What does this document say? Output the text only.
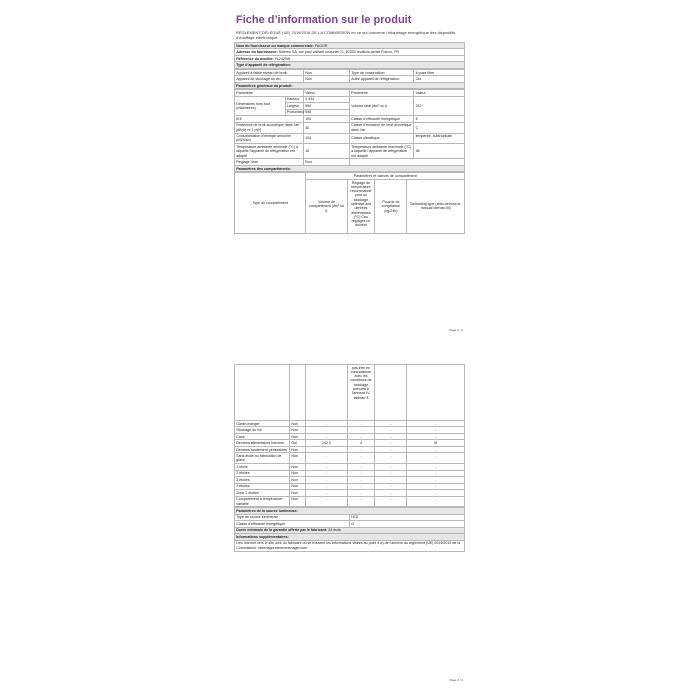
Fiche d’information sur le produit
RÈGLEMENT DÉLÉGUÉ (UE) 2019/2016 DE LA COMMISSION en ce qui concerne l’étiquetage énergétique des dispositifs d’éduffage électronique
Nom du fournisseur ou marque commerciale: FAGOR
Adresse du fournisseur: Sidemo SA, rue paul vaillant couturier 71, 92300 levallois perret France, FR
Référence du modèle: FL2420W
Type d’appareil de réfrigération:
Appareil à faible niveau de bruit:	Non	Type de construction:	à pose libre
Appareil de stockage du vin:	Non	Autre appareil de réfrigération:	Oui
Paramètres généraux du produit:			
Paramètre		Valeur	Paramètre	Valeur
Dimensions hors tout (millimètres)	Hauteur	1 434	Volume total (dm³ ou l)	242
	Largeur	550		
	Profondeur	598		
IEE		100	Classe d’efficacité énergétique	E
Émissions de bruit acoustique dans l’air [dB(A) re 1 pW]		40	Classe d’émission de bruit acoustique dans l’air	C
Consommation d’énergie annuelle (kWh/an)		104	Classe climatique:	tempérée, subtropicale
Température ambiante minimale (°C) à laquelle l’appareil de réfrigération est adapté		16	Température ambiante maximale (°C) à laquelle l’appareil de réfrigération est adapté	38
Réglage hiver		Non		
Paramètres des compartiments:				
Type de compartiment	Paramètres et valeurs de compartiment			
	Volume de compartiment (dm³ ou l)	Réglage de température recommandé pour un stockage optimisé des denrées alimentaires (ºC) Ces réglages ne doivent	Pouvoir de congélation (kg/24h)	Defrosting type (auto-defrost=A, manual defrost=M)
Page 1 / 2
			pas être en contradiction avec les conditions de stockage prévues à l’annexe IV, tableau 3		
Garde-manger	Non	-	-	-	-
Stockage du vin	Non	-	-	-	-
Cave	Non	-	-	-	-
Denrées alimentaires fraîches	Oui	242,0	4	-	M
Denrées hautement périssables	Non	-	-	-	-
Sans étoile ou fabrication de glace	Non	-	-	-	-
1 étoile	Non	-	-	-	-
2 étoiles	Non	-	-	-	-
3 étoiles	Non	-	-	-	-
4 étoiles	Non	-	-	-	-
Zone 2 étoiles	Non	-	-	-	-
Compartiment à température variable	Non	-	-	-	-
Paramètres de la source lumineuse:	
Type de source lumineuse	LED
Classe d’efficacité énergétique	G
Durée minimale de la garantie offerte par le fabricant: 24 mois	
Informations supplémentaires:	
Lien internet vers le site web du fabricant où se trouvent les informations visées au point 4 a) de l’annexe du règlement (UE) 2019/2019 de la Commission: www.fagorelectromenager.com	
Page 2 / 2
